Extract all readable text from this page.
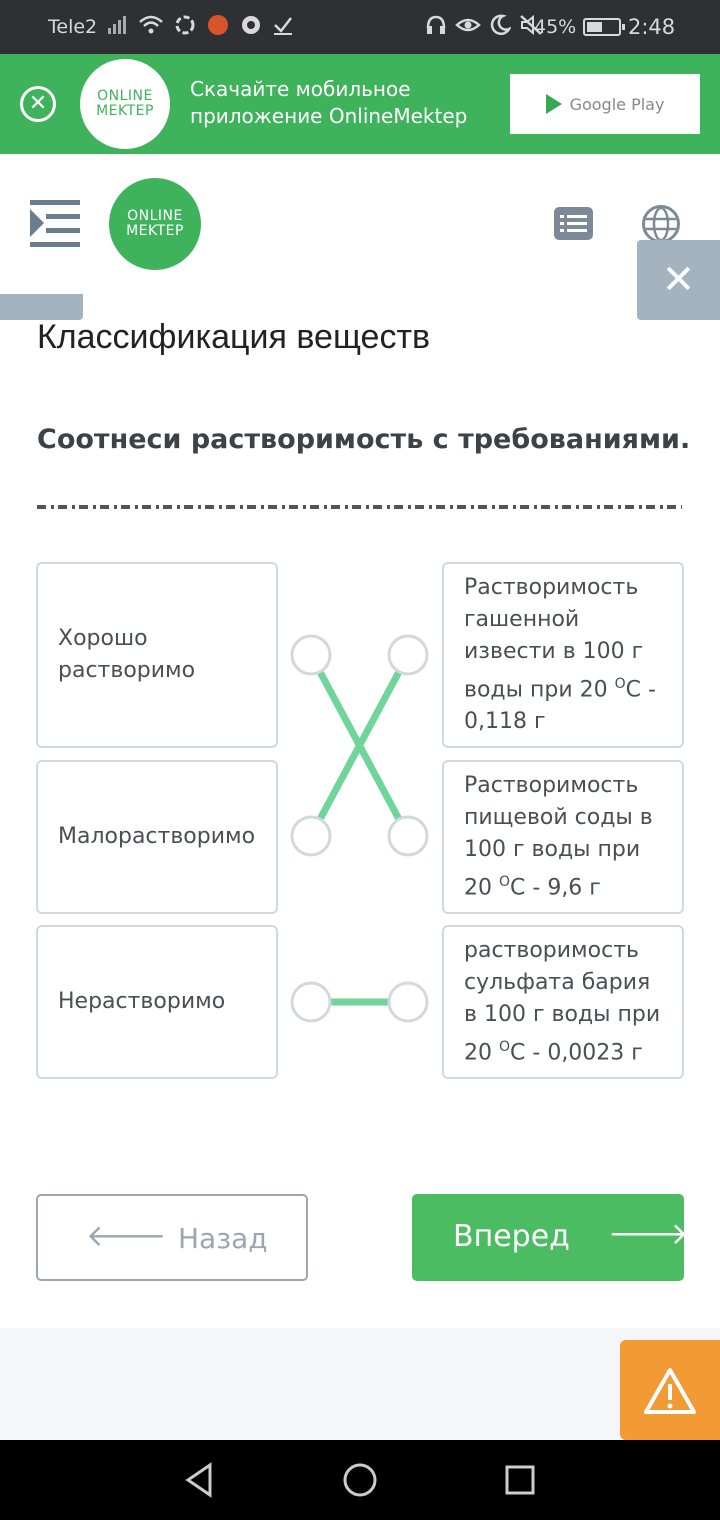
Tele2	45% 2:48
✕	ONLINE
MEKTEP
Скачайте мобильное приложение OnlineMektep	Google Play
ONLINE
MEKTEP
✕
Классификация веществ
Соотнеси растворимость с требованиями.
Хорошо растворимо
Малорастворимо
Нерастворимо
Растворимость гашенной извести в 100 г воды при 20 $^O$C - 0,118 г
Растворимость пищевой соды в 100 г воды при 20 $^O$C - 9,6 г
растворимость сульфата бария в 100 г воды при 20 $^O$C - 0,0023 г
🡐 Назад	Вперед 🡒
